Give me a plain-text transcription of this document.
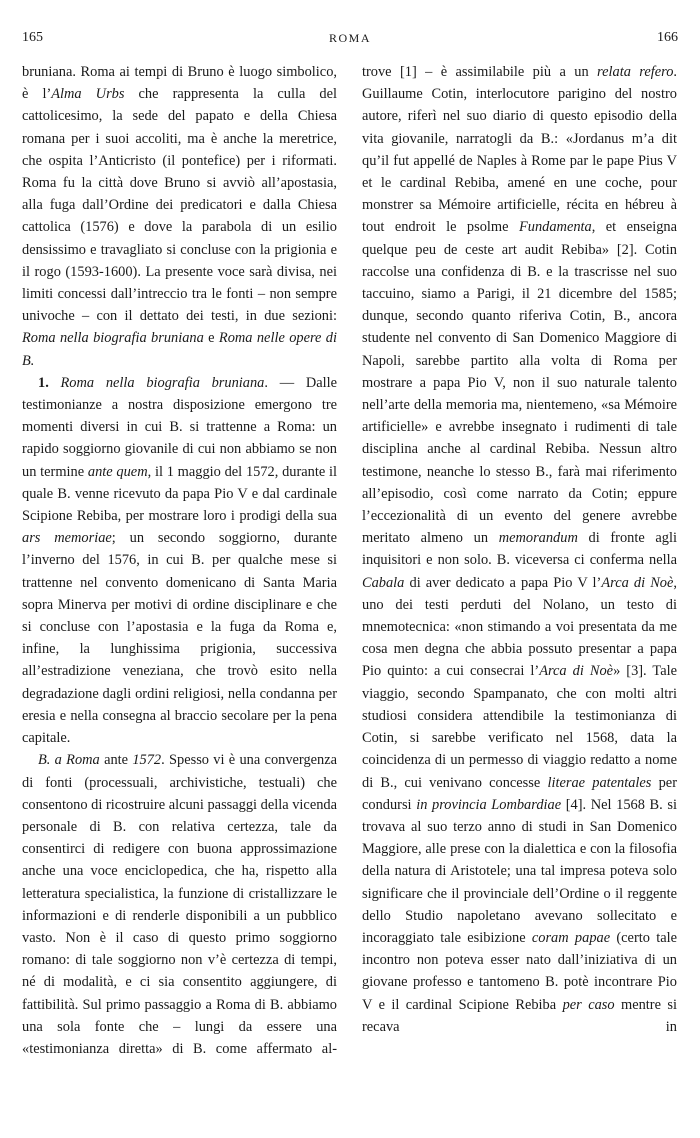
165	ROMA	166

bruniana. Roma ai tempi di Bruno è luogo simbolico, è l’Alma Urbs che rappresenta la culla del cattolicesimo, la sede del papato e della Chiesa romana per i suoi accoliti, ma è anche la meretrice, che ospita l’Anticristo (il pontefice) per i riformati. Roma fu la città dove Bruno si avviò all’apostasia, alla fuga dall’Ordine dei predicatori e dalla Chiesa cattolica (1576) e dove la parabola di un esilio densissimo e travagliato si concluse con la prigionia e il rogo (1593-1600). La presente voce sarà divisa, nei limiti concessi dall’intreccio tra le fonti – non sempre univoche – con il dettato dei testi, in due sezioni: Roma nella biografia bruniana e Roma nelle opere di B.

1. Roma nella biografia bruniana. — Dalle testimonianze a nostra disposizione emergono tre momenti diversi in cui B. si trattenne a Roma: un rapido soggiorno giovanile di cui non abbiamo se non un termine ante quem, il 1 maggio del 1572, durante il quale B. venne ricevuto da papa Pio V e dal cardinale Scipione Rebiba, per mostrare loro i prodigi della sua ars memoriae; un secondo soggiorno, durante l’inverno del 1576, in cui B. per qualche mese si trattenne nel convento domenicano di Santa Maria sopra Minerva per motivi di ordine disciplinare e che si concluse con l’apostasia e la fuga da Roma e, infine, la lunghissima prigionia, successiva all’estradizione veneziana, che trovò esito nella degradazione dagli ordini religiosi, nella condanna per eresia e nella consegna al braccio secolare per la pena capitale.

B. a Roma ante 1572. Spesso vi è una convergenza di fonti (processuali, archivistiche, testuali) che consentono di ricostruire alcuni passaggi della vicenda personale di B. con relativa certezza, tale da consentirci di redigere con buona approssimazione anche una voce enciclopedica, che ha, rispetto alla letteratura specialistica, la funzione di cristallizzare le informazioni e di renderle disponibili a un pubblico vasto. Non è il caso di questo primo soggiorno romano: di tale soggiorno non v’è certezza di tempi, né di modalità, e ci sia consentito aggiungere, di fattibilità. Sul primo passaggio a Roma di B. abbiamo una sola fonte che – lungi da essere una «testimonianza diretta» di B. come affermato al-

trove [1] – è assimilabile più a un relata refero. Guillaume Cotin, interlocutore parigino del nostro autore, riferì nel suo diario di questo episodio della vita giovanile, narratogli da B.: «Jordanus m’a dit qu’il fut appellé de Naples à Rome par le pape Pius V et le cardinal Rebiba, amené en une coche, pour monstrer sa Mémoire artificielle, récita en hébreu à tout endroit le psolme Fundamenta, et enseigna quelque peu de ceste art audit Rebiba» [2]. Cotin raccolse una confidenza di B. e la trascrisse nel suo taccuino, siamo a Parigi, il 21 dicembre del 1585; dunque, secondo quanto riferiva Cotin, B., ancora studente nel convento di San Domenico Maggiore di Napoli, sarebbe partito alla volta di Roma per mostrare a papa Pio V, non il suo naturale talento nell’arte della memoria ma, nientemeno, «sa Mémoire artificielle» e avrebbe insegnato i rudimenti di tale disciplina anche al cardinal Rebiba. Nessun altro testimone, neanche lo stesso B., farà mai riferimento all’episodio, così come narrato da Cotin; eppure l’eccezionalità di un evento del genere avrebbe meritato almeno un memorandum di fronte agli inquisitori e non solo. B. viceversa ci conferma nella Cabala di aver dedicato a papa Pio V l’Arca di Noè, uno dei testi perduti del Nolano, un testo di mnemotecnica: «non stimando a voi presentata da me cosa men degna che abbia possuto presentar a papa Pio quinto: a cui consecrai l’Arca di Noè» [3]. Tale viaggio, secondo Spampanato, che con molti altri studiosi considera attendibile la testimonianza di Cotin, si sarebbe verificato nel 1568, data la coincidenza di un permesso di viaggio redatto a nome di B., cui venivano concesse literae patentales per condursi in provincia Lombardiae [4]. Nel 1568 B. si trovava al suo terzo anno di studi in San Domenico Maggiore, alle prese con la dialettica e con la filosofia della natura di Aristotele; una tal impresa poteva solo significare che il provinciale dell’Ordine o il reggente dello Studio napoletano avevano sollecitato e incoraggiato tale esibizione coram papae (certo tale incontro non poteva esser nato dall’iniziativa di un giovane professo e tantomeno B. potè incontrare Pio V e il cardinal Scipione Rebiba per caso mentre si recava in
